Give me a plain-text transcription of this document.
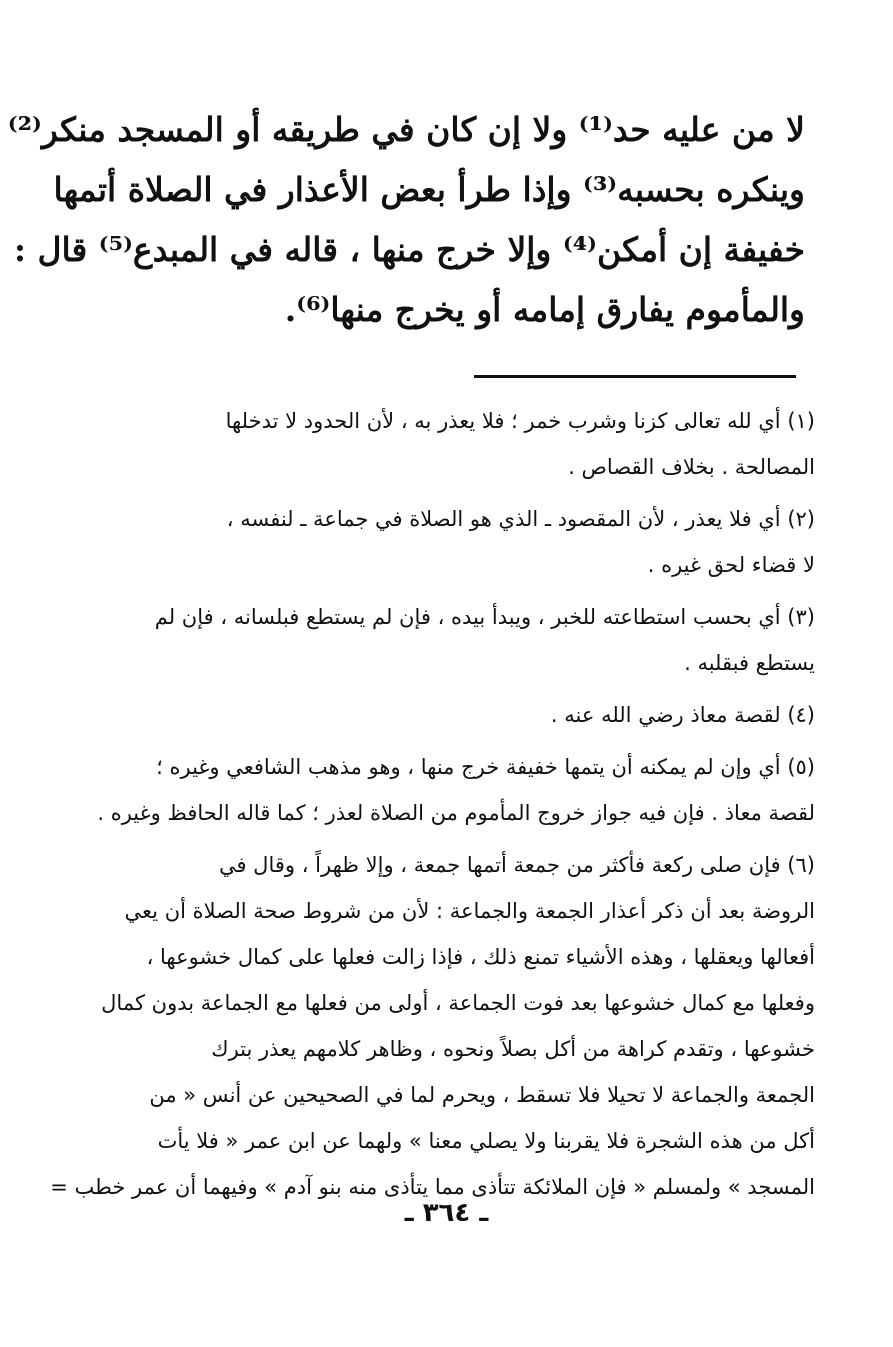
لا من عليه حد⁽¹⁾ ولا إن كان في طريقه أو المسجد منكر⁽²⁾
وينكره بحسبه⁽³⁾ وإذا طرأ بعض الأعذار في الصلاة أتمها
خفيفة إن أمكن⁽⁴⁾ وإلا خرج منها ، قاله في المبدع⁽⁵⁾ قال :
والمأموم يفارق إمامه أو يخرج منها⁽⁶⁾.
(١) أي لله تعالى كزنا وشرب خمر ؛ فلا يعذر به ، لأن الحدود لا تدخلها
المصالحة . بخلاف القصاص .
(٢) أي فلا يعذر ، لأن المقصود ـ الذي هو الصلاة في جماعة ـ لنفسه ،
لا قضاء لحق غيره .
(٣) أي بحسب استطاعته للخبر ، ويبدأ بيده ، فإن لم يستطع فبلسانه ، فإن لم
يستطع فبقلبه .
(٤) لقصة معاذ رضي الله عنه .
(٥) أي وإن لم يمكنه أن يتمها خفيفة خرج منها ، وهو مذهب الشافعي وغيره ؛
لقصة معاذ . فإن فيه جواز خروج المأموم من الصلاة لعذر ؛ كما قاله الحافظ وغيره .
(٦) فإن صلى ركعة فأكثر من جمعة أتمها جمعة ، وإلا ظهراً ، وقال في
الروضة بعد أن ذكر أعذار الجمعة والجماعة : لأن من شروط صحة الصلاة أن يعي
أفعالها ويعقلها ، وهذه الأشياء تمنع ذلك ، فإذا زالت فعلها على كمال خشوعها ،
وفعلها مع كمال خشوعها بعد فوت الجماعة ، أولى من فعلها مع الجماعة بدون كمال
خشوعها ، وتقدم كراهة من أكل بصلاً ونحوه ، وظاهر كلامهم يعذر بترك
الجمعة والجماعة لا تحيلا فلا تسقط ، ويحرم لما في الصحيحين عن أنس « من
أكل من هذه الشجرة فلا يقربنا ولا يصلي معنا » ولهما عن ابن عمر « فلا يأت
المسجد » ولمسلم « فإن الملائكة تتأذى مما يتأذى منه بنو آدم » وفيهما أن عمر خطب =
ـ ٣٦٤ ـ
